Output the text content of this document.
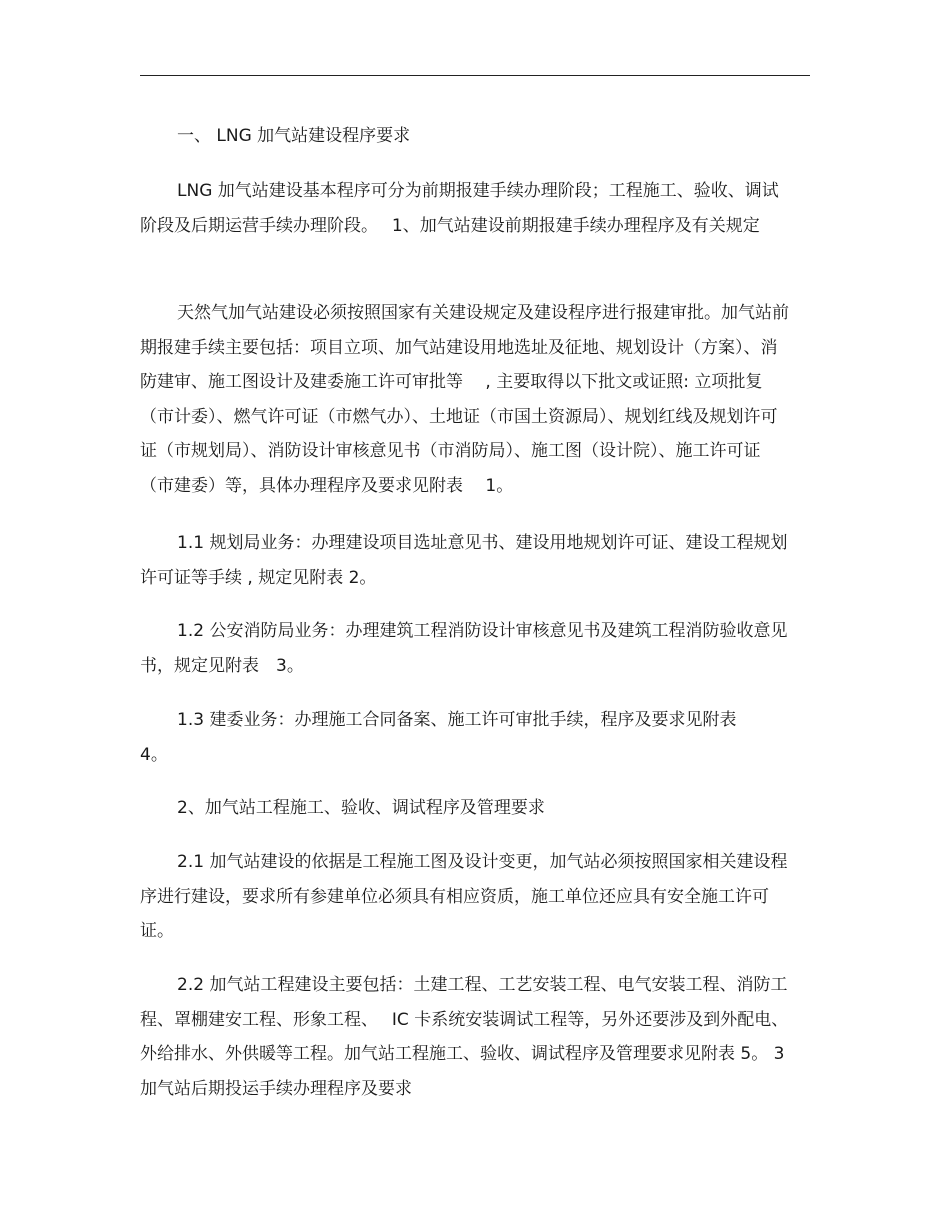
一、 LNG 加气站建设程序要求

LNG 加气站建设基本程序可分为前期报建手续办理阶段；工程施工、验收、调试阶段及后期运营手续办理阶段。　 1、加气站建设前期报建手续办理程序及有关规定

天然气加气站建设必须按照国家有关建设规定及建设程序进行报建审批。加气站前期报建手续主要包括：项目立项、加气站建设用地选址及征地、规划设计（方案）、消防建审、施工图设计及建委施工许可审批等　 , 主要取得以下批文或证照: 立项批复（市计委）、燃气许可证（市燃气办）、土地证（市国土资源局）、规划红线及规划许可证（市规划局）、消防设计审核意见书（市消防局）、施工图（设计院）、施工许可证（市建委）等，具体办理程序及要求见附表　 1。

1.1 规划局业务：办理建设项目选址意见书、建设用地规划许可证、建设工程规划许可证等手续 , 规定见附表 2。

1.2 公安消防局业务：办理建筑工程消防设计审核意见书及建筑工程消防验收意见书，规定见附表　3。

1.3 建委业务：办理施工合同备案、施工许可审批手续，程序及要求见附表　　4。

2、加气站工程施工、验收、调试程序及管理要求

2.1 加气站建设的依据是工程施工图及设计变更，加气站必须按照国家相关建设程序进行建设，要求所有参建单位必须具有相应资质，施工单位还应具有安全施工许可证。

2.2 加气站工程建设主要包括：土建工程、工艺安装工程、电气安装工程、消防工程、罩棚建安工程、形象工程、　 IC 卡系统安装调试工程等，另外还要涉及到外配电、外给排水、外供暖等工程。加气站工程施工、验收、调试程序及管理要求见附表 5。 3 加气站后期投运手续办理程序及要求
